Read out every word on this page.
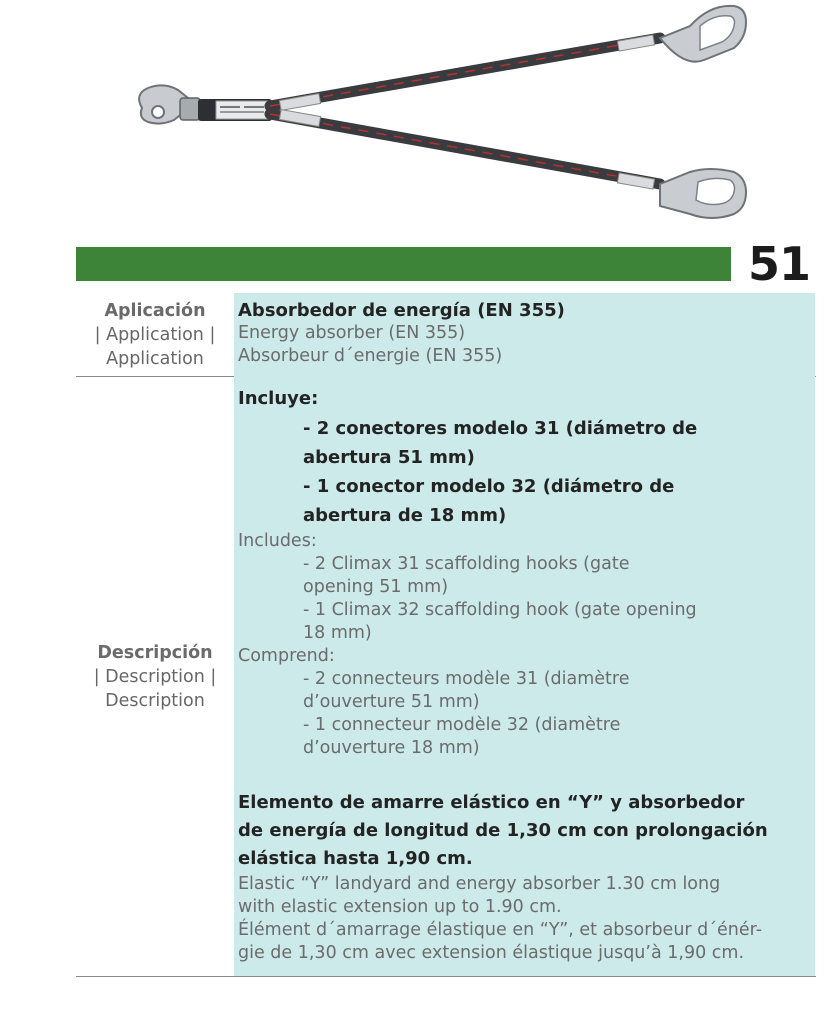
51
Aplicación
| Application |
Application
Absorbedor de energía (EN 355)
Energy absorber (EN 355)
Absorbeur d´energie (EN 355)
Descripción
| Description |
Description
Incluye:
- 2 conectores modelo 31 (diámetro de
abertura 51 mm)
- 1 conector modelo 32 (diámetro de
abertura de 18 mm)
Includes:
- 2 Climax 31 scaffolding hooks (gate
opening 51 mm)
- 1 Climax 32 scaffolding hook (gate opening
18 mm)
Comprend:
- 2 connecteurs modèle 31 (diamètre
d’ouverture 51 mm)
- 1 connecteur modèle 32 (diamètre
d’ouverture 18 mm)
Elemento de amarre elástico en “Y” y absorbedor
de energía de longitud de 1,30 cm con prolongación
elástica hasta 1,90 cm.
Elastic “Y” landyard and energy absorber 1.30 cm long
with elastic extension up to 1.90 cm.
Élément d´amarrage élastique en “Y”, et absorbeur d´énér-
gie de 1,30 cm avec extension élastique jusqu’à 1,90 cm.
